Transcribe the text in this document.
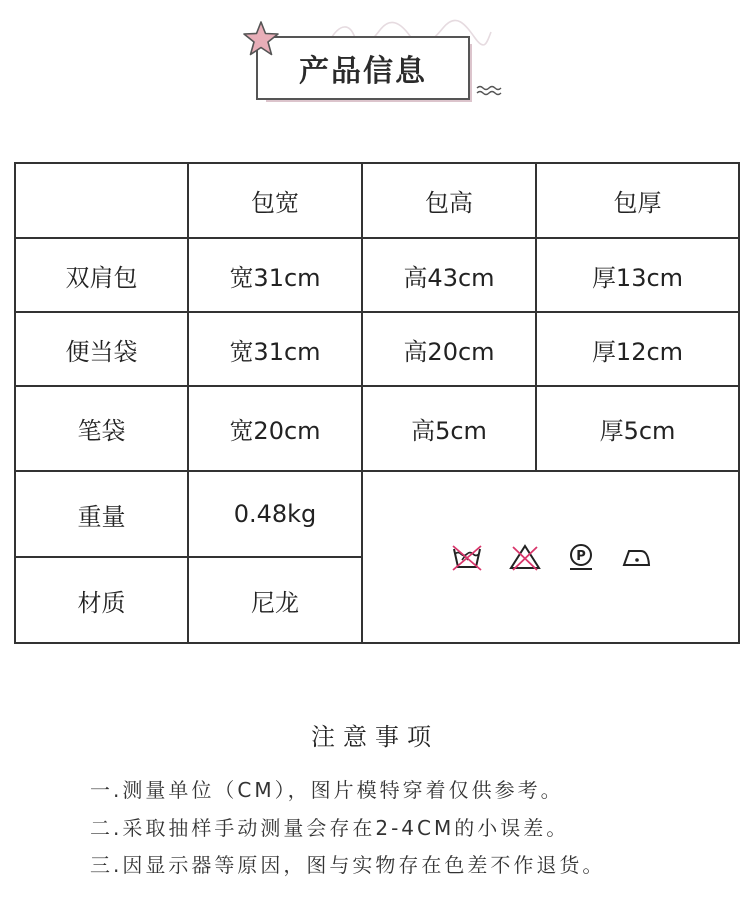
产品信息
	包宽	包高	包厚
双肩包	宽31cm	高43cm	厚13cm
便当袋	宽31cm	高20cm	厚12cm
笔袋	宽20cm	高5cm	厚5cm
重量	0.48kg	P	

材质	尼龙		
注意事项
一.测量单位（CM），图片模特穿着仅供参考。
二.采取抽样手动测量会存在2-4CM的小误差。
三.因显示器等原因，图与实物存在色差不作退货。
